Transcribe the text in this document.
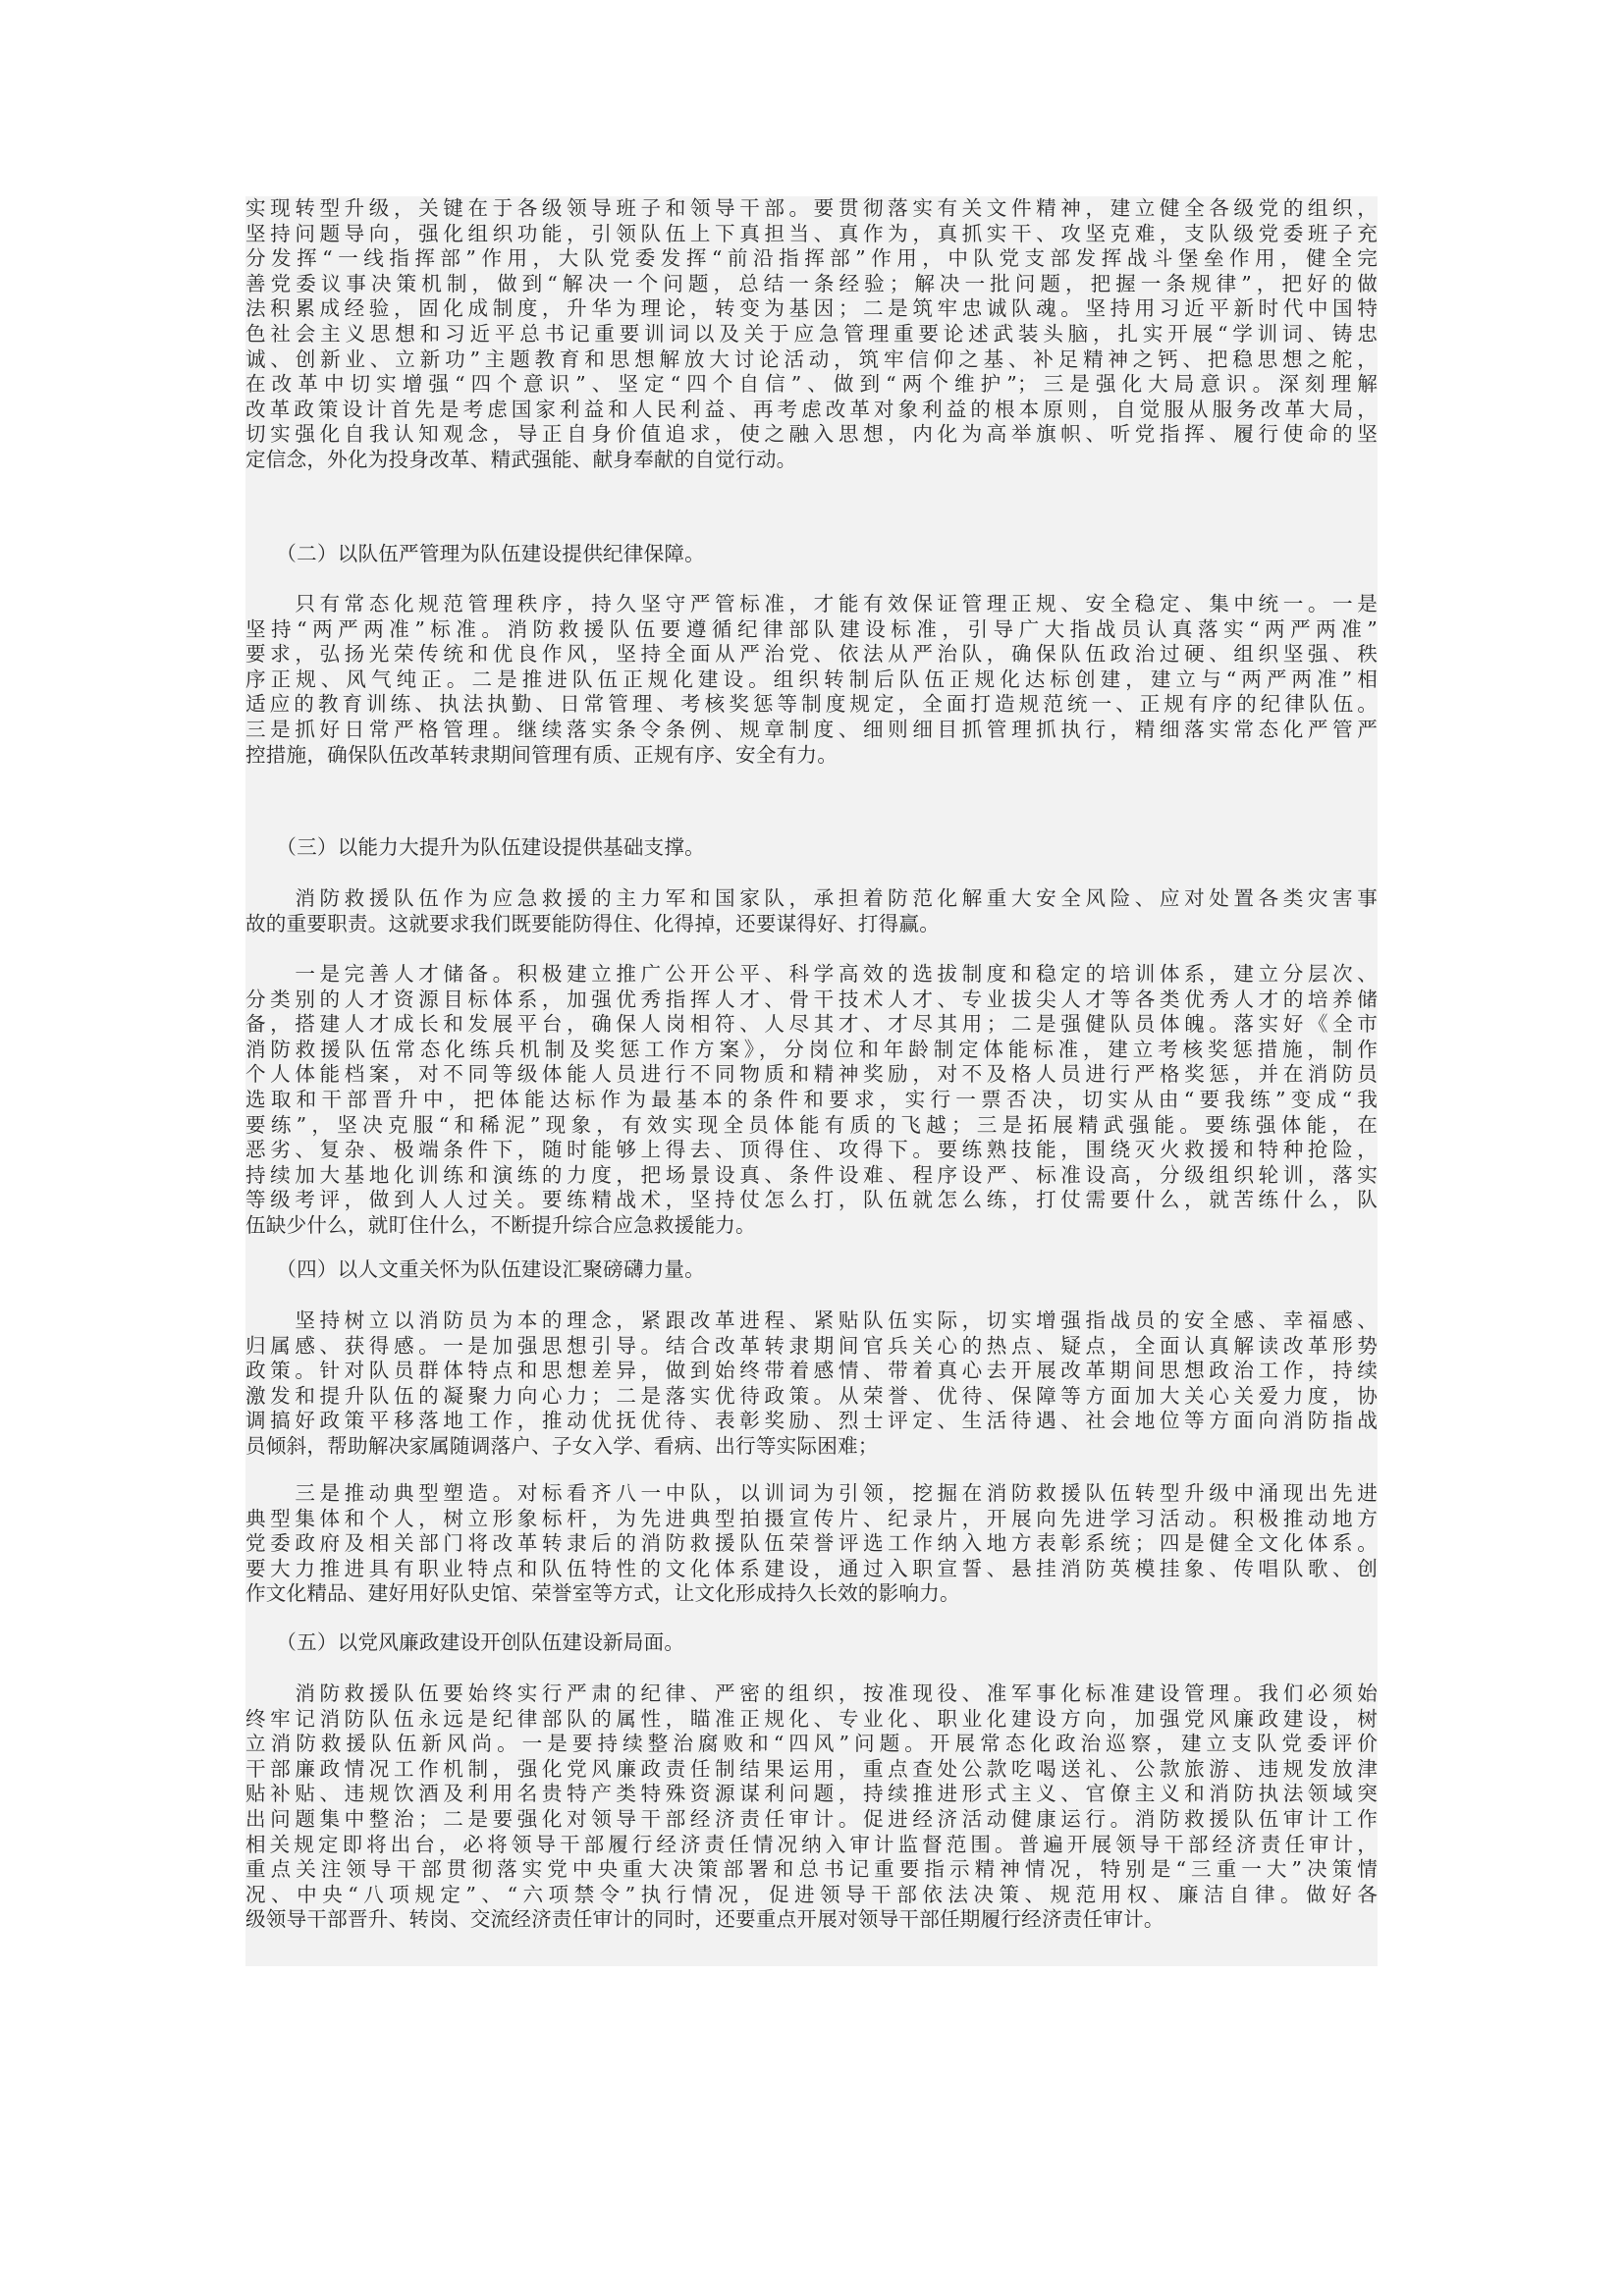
实现转型升级，关键在于各级领导班子和领导干部。要贯彻落实有关文件精神，建立健全各级党的组织，
坚持问题导向，强化组织功能，引领队伍上下真担当、真作为，真抓实干、攻坚克难，支队级党委班子充
分发挥“一线指挥部”作用，大队党委发挥“前沿指挥部”作用，中队党支部发挥战斗堡垒作用，健全完
善党委议事决策机制，做到“解决一个问题，总结一条经验；解决一批问题，把握一条规律”，把好的做
法积累成经验，固化成制度，升华为理论，转变为基因；二是筑牢忠诚队魂。坚持用习近平新时代中国特
色社会主义思想和习近平总书记重要训词以及关于应急管理重要论述武装头脑，扎实开展“学训词、铸忠
诚、创新业、立新功”主题教育和思想解放大讨论活动，筑牢信仰之基、补足精神之钙、把稳思想之舵，
在改革中切实增强“四个意识”、坚定“四个自信”、做到“两个维护”；三是强化大局意识。深刻理解
改革政策设计首先是考虑国家利益和人民利益、再考虑改革对象利益的根本原则，自觉服从服务改革大局，
切实强化自我认知观念，导正自身价值追求，使之融入思想，内化为高举旗帜、听党指挥、履行使命的坚
定信念，外化为投身改革、精武强能、献身奉献的自觉行动。
　　（二）以队伍严管理为队伍建设提供纪律保障。
　　只有常态化规范管理秩序，持久坚守严管标准，才能有效保证管理正规、安全稳定、集中统一。一是
坚持“两严两准”标准。消防救援队伍要遵循纪律部队建设标准，引导广大指战员认真落实“两严两准”
要求，弘扬光荣传统和优良作风，坚持全面从严治党、依法从严治队，确保队伍政治过硬、组织坚强、秩
序正规、风气纯正。二是推进队伍正规化建设。组织转制后队伍正规化达标创建，建立与“两严两准”相
适应的教育训练、执法执勤、日常管理、考核奖惩等制度规定，全面打造规范统一、正规有序的纪律队伍。
三是抓好日常严格管理。继续落实条令条例、规章制度、细则细目抓管理抓执行，精细落实常态化严管严
控措施，确保队伍改革转隶期间管理有质、正规有序、安全有力。
　　（三）以能力大提升为队伍建设提供基础支撑。
　　消防救援队伍作为应急救援的主力军和国家队，承担着防范化解重大安全风险、应对处置各类灾害事
故的重要职责。这就要求我们既要能防得住、化得掉，还要谋得好、打得赢。
　　一是完善人才储备。积极建立推广公开公平、科学高效的选拔制度和稳定的培训体系，建立分层次、
分类别的人才资源目标体系，加强优秀指挥人才、骨干技术人才、专业拔尖人才等各类优秀人才的培养储
备，搭建人才成长和发展平台，确保人岗相符、人尽其才、才尽其用；二是强健队员体魄。落实好《全市
消防救援队伍常态化练兵机制及奖惩工作方案》，分岗位和年龄制定体能标准，建立考核奖惩措施，制作
个人体能档案，对不同等级体能人员进行不同物质和精神奖励，对不及格人员进行严格奖惩，并在消防员
选取和干部晋升中，把体能达标作为最基本的条件和要求，实行一票否决，切实从由“要我练”变成“我
要练”，坚决克服“和稀泥”现象，有效实现全员体能有质的飞越；三是拓展精武强能。要练强体能，在
恶劣、复杂、极端条件下，随时能够上得去、顶得住、攻得下。要练熟技能，围绕灭火救援和特种抢险，
持续加大基地化训练和演练的力度，把场景设真、条件设难、程序设严、标准设高，分级组织轮训，落实
等级考评，做到人人过关。要练精战术，坚持仗怎么打，队伍就怎么练，打仗需要什么，就苦练什么，队
伍缺少什么，就盯住什么，不断提升综合应急救援能力。
　　（四）以人文重关怀为队伍建设汇聚磅礴力量。
　　坚持树立以消防员为本的理念，紧跟改革进程、紧贴队伍实际，切实增强指战员的安全感、幸福感、
归属感、获得感。一是加强思想引导。结合改革转隶期间官兵关心的热点、疑点，全面认真解读改革形势
政策。针对队员群体特点和思想差异，做到始终带着感情、带着真心去开展改革期间思想政治工作，持续
激发和提升队伍的凝聚力向心力；二是落实优待政策。从荣誉、优待、保障等方面加大关心关爱力度，协
调搞好政策平移落地工作，推动优抚优待、表彰奖励、烈士评定、生活待遇、社会地位等方面向消防指战
员倾斜，帮助解决家属随调落户、子女入学、看病、出行等实际困难；
　　三是推动典型塑造。对标看齐八一中队，以训词为引领，挖掘在消防救援队伍转型升级中涌现出先进
典型集体和个人，树立形象标杆，为先进典型拍摄宣传片、纪录片，开展向先进学习活动。积极推动地方
党委政府及相关部门将改革转隶后的消防救援队伍荣誉评选工作纳入地方表彰系统；四是健全文化体系。
要大力推进具有职业特点和队伍特性的文化体系建设，通过入职宣誓、悬挂消防英模挂象、传唱队歌、创
作文化精品、建好用好队史馆、荣誉室等方式，让文化形成持久长效的影响力。
　　（五）以党风廉政建设开创队伍建设新局面。
　　消防救援队伍要始终实行严肃的纪律、严密的组织，按准现役、准军事化标准建设管理。我们必须始
终牢记消防队伍永远是纪律部队的属性，瞄准正规化、专业化、职业化建设方向，加强党风廉政建设，树
立消防救援队伍新风尚。一是要持续整治腐败和“四风”问题。开展常态化政治巡察，建立支队党委评价
干部廉政情况工作机制，强化党风廉政责任制结果运用，重点查处公款吃喝送礼、公款旅游、违规发放津
贴补贴、违规饮酒及利用名贵特产类特殊资源谋利问题，持续推进形式主义、官僚主义和消防执法领域突
出问题集中整治；二是要强化对领导干部经济责任审计。促进经济活动健康运行。消防救援队伍审计工作
相关规定即将出台，必将领导干部履行经济责任情况纳入审计监督范围。普遍开展领导干部经济责任审计，
重点关注领导干部贯彻落实党中央重大决策部署和总书记重要指示精神情况，特别是“三重一大”决策情
况、中央“八项规定”、“六项禁令”执行情况，促进领导干部依法决策、规范用权、廉洁自律。做好各
级领导干部晋升、转岗、交流经济责任审计的同时，还要重点开展对领导干部任期履行经济责任审计。
